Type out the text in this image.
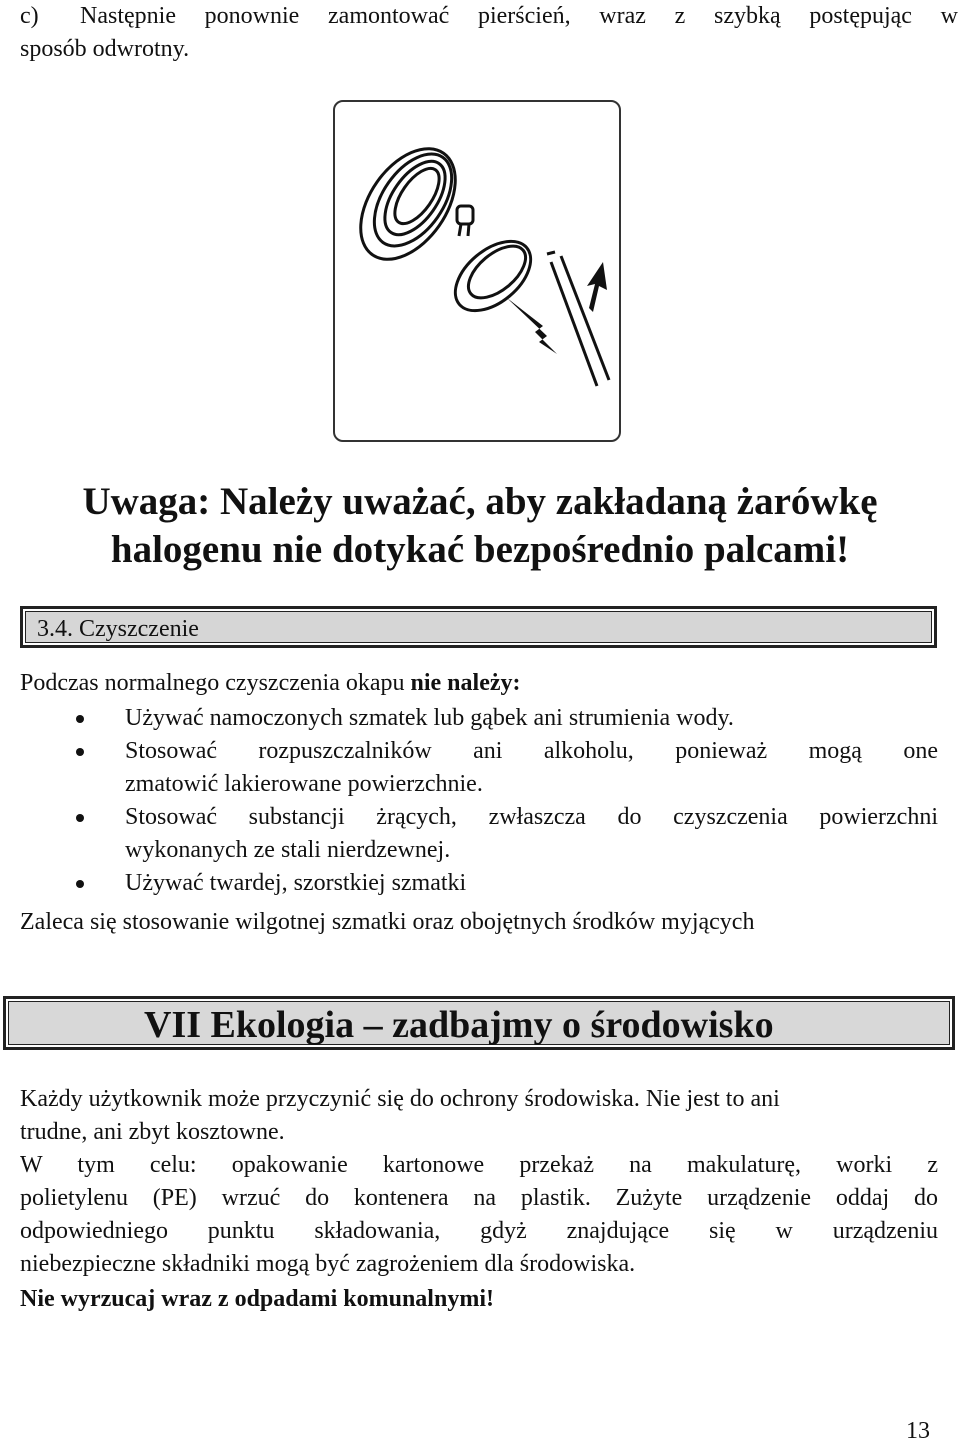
c) Następnie ponownie zamontować pierścień, wraz z szybką postępując w
sposób odwrotny.
Uwaga: Należy uważać, aby zakładaną żarówkę
halogenu nie dotykać bezpośrednio palcami!
3.4. Czyszczenie
Podczas normalnego czyszczenia okapu nie należy:
Używać namoczonych szmatek lub gąbek ani strumienia wody.
Stosować rozpuszczalników ani alkoholu, ponieważ mogą one
zmatowić lakierowane powierzchnie.
Stosować substancji żrących, zwłaszcza do czyszczenia powierzchni
wykonanych ze stali nierdzewnej.
Używać twardej, szorstkiej szmatki
Zaleca się stosowanie wilgotnej szmatki oraz obojętnych środków myjących
VII Ekologia – zadbajmy o środowisko
Każdy użytkownik może przyczynić się do ochrony środowiska. Nie jest to ani
trudne, ani zbyt kosztowne.
W tym celu: opakowanie kartonowe przekaż na makulaturę, worki z
polietylenu (PE) wrzuć do kontenera na plastik. Zużyte urządzenie oddaj do
odpowiedniego punktu składowania, gdyż znajdujące się w urządzeniu
niebezpieczne składniki mogą być zagrożeniem dla środowiska.
Nie wyrzucaj wraz z odpadami komunalnymi!
13
